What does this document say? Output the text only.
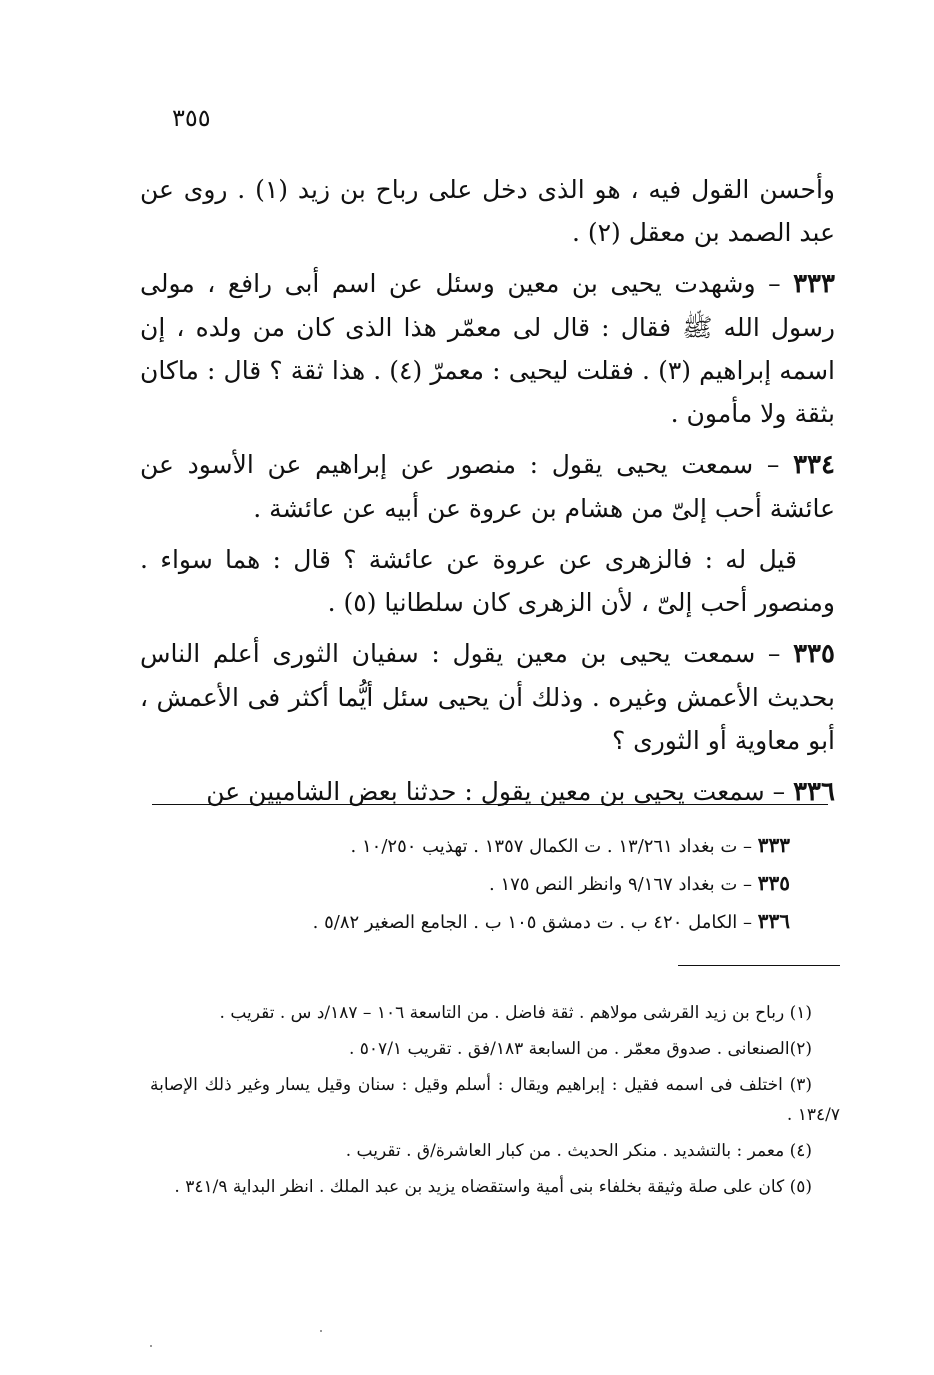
٣٥٥

وأحسن القول فيه ، هو الذى دخل على رباح بن زيد (١) . روى عن عبد الصمد بن معقل (٢) .

٣٣٣ – وشهدت يحيى بن معين وسئل عن اسم أبى رافع ، مولى رسول الله ﷺ فقال : قال لى معمّر هذا الذى كان من ولده ، إن اسمه إبراهيم (٣) . فقلت ليحيى : معمرّ (٤) . هذا ثقة ؟ قال : ماكان بثقة ولا مأمون .

٣٣٤ – سمعت يحيى يقول : منصور عن إبراهيم عن الأسود عن عائشة أحب إلىّ من هشام بن عروة عن أبيه عن عائشة .

قيل له : فالزهرى عن عروة عن عائشة ؟ قال : هما سواء . ومنصور أحب إلىّ ، لأن الزهرى كان سلطانيا (٥) .

٣٣٥ – سمعت يحيى بن معين يقول : سفيان الثورى أعلم الناس بحديث الأعمش وغيره . وذلك أن يحيى سئل أيُّما أكثر فى الأعمش ، أبو معاوية أو الثورى ؟

٣٣٦ – سمعت يحيى بن معين يقول : حدثنا بعض الشاميين عن

٣٣٣ – ت بغداد ١٣/٢٦١ . ت الكمال ١٣٥٧ . تهذيب ١٠/٢٥٠ .

٣٣٥ – ت بغداد ٩/١٦٧ وانظر النص ١٧٥ .

٣٣٦ – الكامل ٤٢٠ ب . ت دمشق ١٠٥ ب . الجامع الصغير ٥/٨٢ .

(١) رباح بن زيد القرشى مولاهم . ثقة فاضل . من التاسعة ١٠٦ – ١٨٧/د س . تقريب .

(٢)الصنعانى . صدوق معمّر . من السابعة ١٨٣/فق . تقريب ٥٠٧/١ .

(٣) اختلف فى اسمه فقيل : إبراهيم ويقال : أسلم وقيل : سنان وقيل يسار وغير ذلك الإصابة ١٣٤/٧ .

(٤) معمر : بالتشديد . منكر الحديث . من كبار العاشرة/ق . تقريب .

(٥) كان على صلة وثيقة بخلفاء بنى أمية واستقضاه يزيد بن عبد الملك . انظر البداية ٣٤١/٩ .
